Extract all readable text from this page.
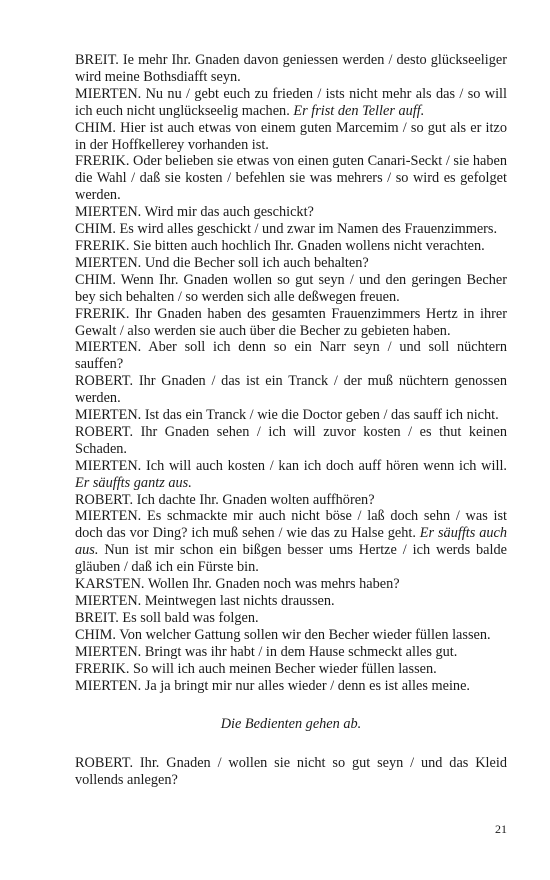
BREIT. Ie mehr Ihr. Gnaden davon geniessen werden / desto glückseeliger wird meine Bothsdiafft seyn.

MIERTEN. Nu nu / gebt euch zu frieden / ists nicht mehr als das / so will ich euch nicht unglückseelig machen. Er frist den Teller auff.

CHIM. Hier ist auch etwas von einem guten Marcemim / so gut als er itzo in der Hoffkellerey vorhanden ist.

FRERIK. Oder belieben sie etwas von einen guten Canari-Seckt / sie haben die Wahl / daß sie kosten / befehlen sie was mehrers / so wird es gefolget werden.

MIERTEN. Wird mir das auch geschickt?

CHIM. Es wird alles geschickt / und zwar im Namen des Frauenzimmers.

FRERIK. Sie bitten auch hochlich Ihr. Gnaden wollens nicht verachten.

MIERTEN. Und die Becher soll ich auch behalten?

CHIM. Wenn Ihr. Gnaden wollen so gut seyn / und den geringen Becher bey sich behalten / so werden sich alle deßwegen freuen.

FRERIK. Ihr Gnaden haben des gesamten Frauenzimmers Hertz in ihrer Gewalt / also werden sie auch über die Becher zu gebieten haben.

MIERTEN. Aber soll ich denn so ein Narr seyn / und soll nüchtern sauffen?

ROBERT. Ihr Gnaden / das ist ein Tranck / der muß nüchtern genossen werden.

MIERTEN. Ist das ein Tranck / wie die Doctor geben / das sauff ich nicht.

ROBERT. Ihr Gnaden sehen / ich will zuvor kosten / es thut keinen Schaden.

MIERTEN. Ich will auch kosten / kan ich doch auff hören wenn ich will. Er säuffts gantz aus.

ROBERT. Ich dachte Ihr. Gnaden wolten auffhören?

MIERTEN. Es schmackte mir auch nicht böse / laß doch sehn / was ist doch das vor Ding? ich muß sehen / wie das zu Halse geht. Er säuffts auch aus. Nun ist mir schon ein bißgen besser ums Hertze / ich werds balde gläuben / daß ich ein Fürste bin.

KARSTEN. Wollen Ihr. Gnaden noch was mehrs haben?

MIERTEN. Meintwegen last nichts draussen.

BREIT. Es soll bald was folgen.

CHIM. Von welcher Gattung sollen wir den Becher wieder füllen lassen.

MIERTEN. Bringt was ihr habt / in dem Hause schmeckt alles gut.

FRERIK. So will ich auch meinen Becher wieder füllen lassen.

MIERTEN. Ja ja bringt mir nur alles wieder / denn es ist alles meine.

Die Bedienten gehen ab.

ROBERT. Ihr. Gnaden / wollen sie nicht so gut seyn / und das Kleid vollends anlegen?

21
